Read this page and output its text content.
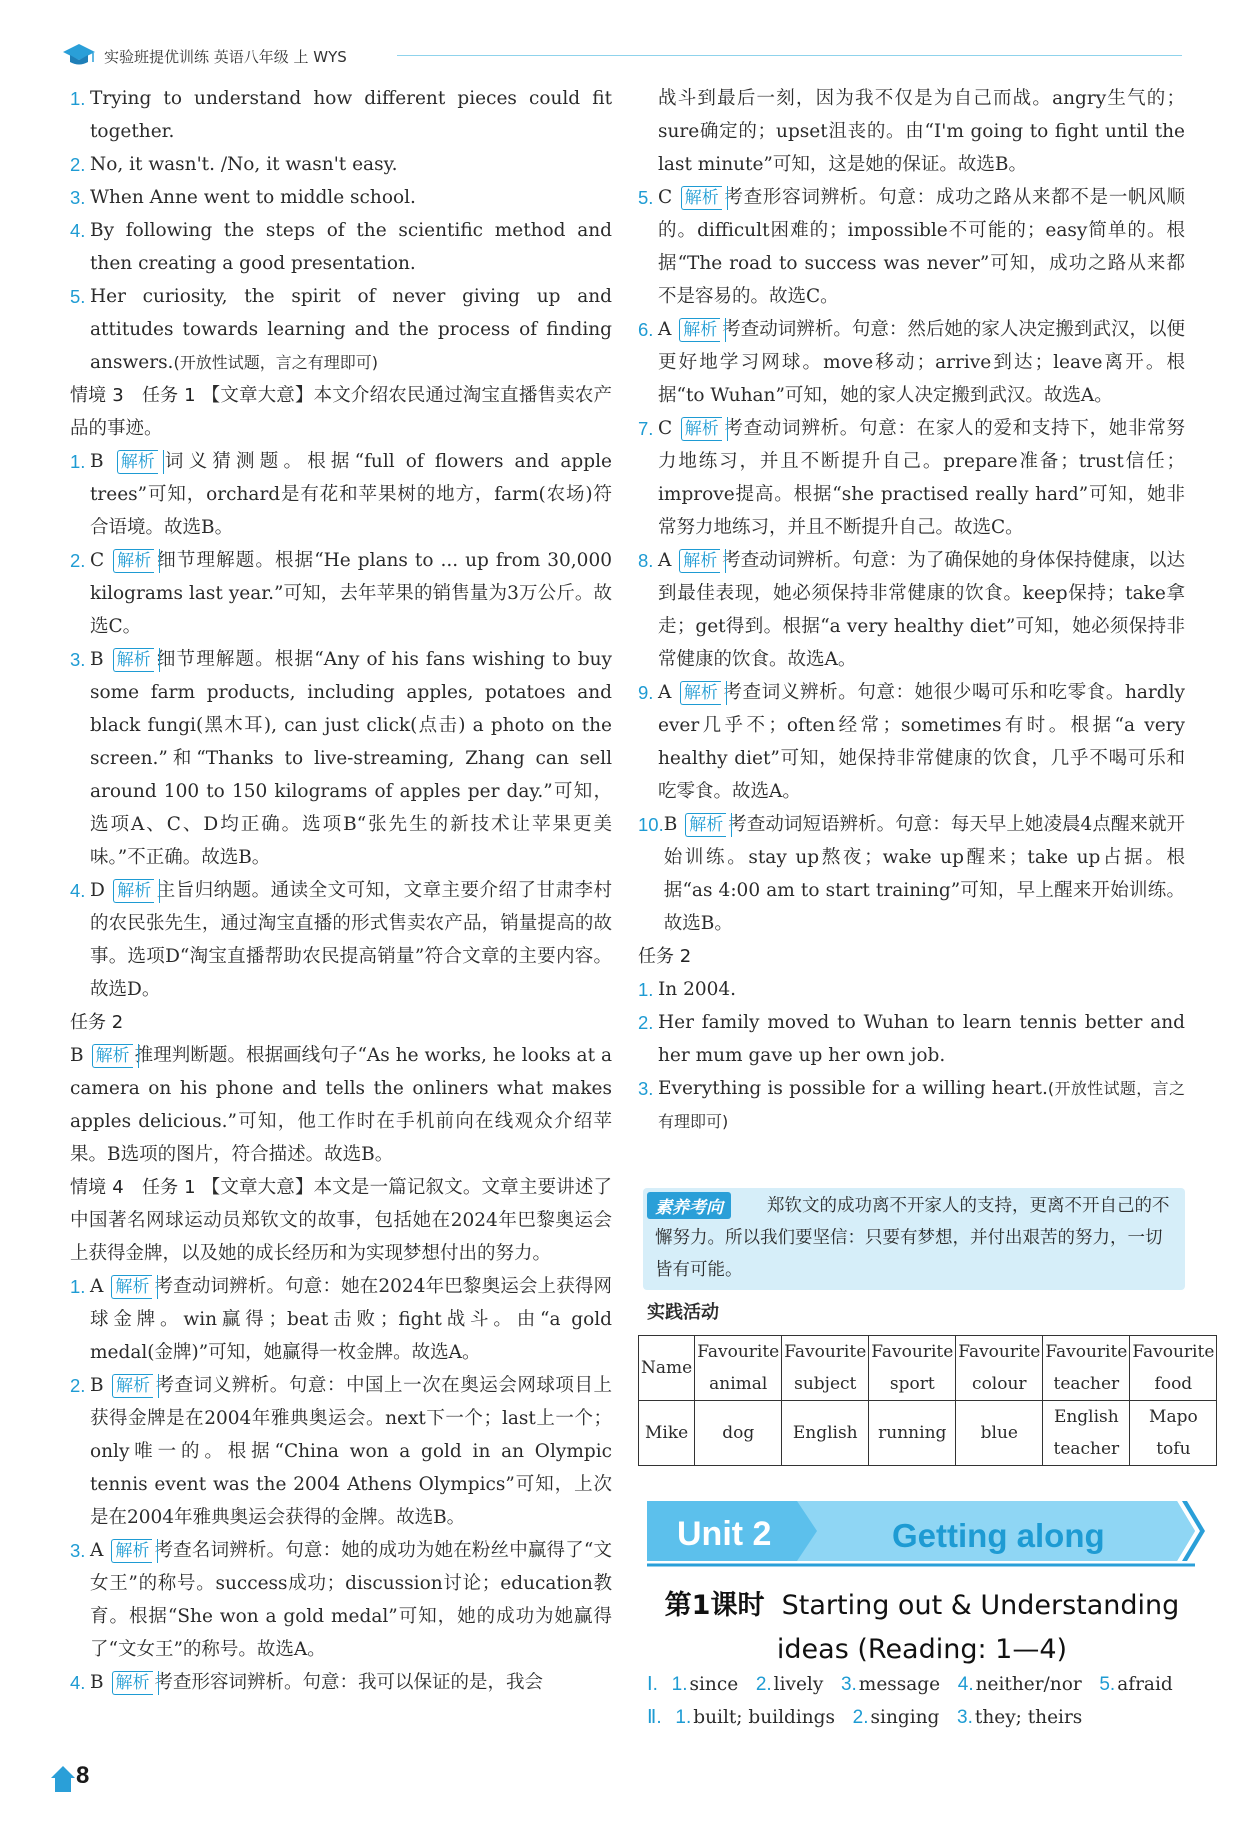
实验班提优训练 英语八年级 上 WYS
1. Trying to understand how different pieces could fit together.
2. No, it wasn't. /No, it wasn't easy.
3. When Anne went to middle school.
4. By following the steps of the scientific method and then creating a good presentation.
5. Her curiosity, the spirit of never giving up and attitudes towards learning and the process of finding answers.(开放性试题，言之有理即可)

情境 3　任务 1 【文章大意】本文介绍农民通过淘宝直播售卖农产品的事迹。

1. B 解析 词义猜测题。根据“full of flowers and apple trees”可知，orchard是有花和苹果树的地方，farm(农场)符合语境。故选B。
2. C 解析 细节理解题。根据“He plans to ... up from 30,000 kilograms last year.”可知，去年苹果的销售量为3万公斤。故选C。
3. B 解析 细节理解题。根据“Any of his fans wishing to buy some farm products, including apples, potatoes and black fungi(黑木耳), can just click(点击) a photo on the screen.”和“Thanks to live-streaming, Zhang can sell around 100 to 150 kilograms of apples per day.”可知，选项A、C、D均正确。选项B“张先生的新技术让苹果更美味。”不正确。故选B。
4. D 解析 主旨归纳题。通读全文可知，文章主要介绍了甘肃李村的农民张先生，通过淘宝直播的形式售卖农产品，销量提高的故事。选项D“淘宝直播帮助农民提高销量”符合文章的主要内容。故选D。

任务 2

B 解析 推理判断题。根据画线句子“As he works, he looks at a camera on his phone and tells the onliners what makes apples delicious.”可知，他工作时在手机前向在线观众介绍苹果。B选项的图片，符合描述。故选B。

情境 4　任务 1 【文章大意】本文是一篇记叙文。文章主要讲述了中国著名网球运动员郑钦文的故事，包括她在2024年巴黎奥运会上获得金牌，以及她的成长经历和为实现梦想付出的努力。

1. A 解析 考查动词辨析。句意：她在2024年巴黎奥运会上获得网球金牌。win赢得；beat击败；fight战斗。由“a gold medal(金牌)”可知，她赢得一枚金牌。故选A。
2. B 解析 考查词义辨析。句意：中国上一次在奥运会网球项目上获得金牌是在2004年雅典奥运会。next下一个；last上一个；only唯一的。根据“China won a gold in an Olympic tennis event was the 2004 Athens Olympics”可知，上次是在2004年雅典奥运会获得的金牌。故选B。
3. A 解析 考查名词辨析。句意：她的成功为她在粉丝中赢得了“文女王”的称号。success成功；discussion讨论；education教育。根据“She won a gold medal”可知，她的成功为她赢得了“文女王”的称号。故选A。
4. B 解析 考查形容词辨析。句意：我可以保证的是，我会

战斗到最后一刻，因为我不仅是为自己而战。angry生气的；sure确定的；upset沮丧的。由“I'm going to fight until the last minute”可知，这是她的保证。故选B。

5. C 解析 考查形容词辨析。句意：成功之路从来都不是一帆风顺的。difficult困难的；impossible不可能的；easy简单的。根据“The road to success was never”可知，成功之路从来都不是容易的。故选C。
6. A 解析 考查动词辨析。句意：然后她的家人决定搬到武汉，以便更好地学习网球。move移动；arrive到达；leave离开。根据“to Wuhan”可知，她的家人决定搬到武汉。故选A。
7. C 解析 考查动词辨析。句意：在家人的爱和支持下，她非常努力地练习，并且不断提升自己。prepare准备；trust信任；improve提高。根据“she practised really hard”可知，她非常努力地练习，并且不断提升自己。故选C。
8. A 解析 考查动词辨析。句意：为了确保她的身体保持健康，以达到最佳表现，她必须保持非常健康的饮食。keep保持；take拿走；get得到。根据“a very healthy diet”可知，她必须保持非常健康的饮食。故选A。
9. A 解析 考查词义辨析。句意：她很少喝可乐和吃零食。hardly ever几乎不；often经常；sometimes有时。根据“a very healthy diet”可知，她保持非常健康的饮食，几乎不喝可乐和吃零食。故选A。
10. B 解析 考查动词短语辨析。句意：每天早上她凌晨4点醒来就开始训练。stay up熬夜；wake up醒来；take up占据。根据“as 4:00 am to start training”可知，早上醒来开始训练。故选B。

任务 2

1. In 2004.
2. Her family moved to Wuhan to learn tennis better and her mum gave up her own job.
3. Everything is possible for a willing heart.(开放性试题，言之有理即可)
素养考向	郑钦文的成功离不开家人的支持，更离不开自己的不懈努力。所以我们要坚信：只要有梦想，并付出艰苦的努力，一切皆有可能。
实践活动
Name	Favourite animal	Favourite subject	Favourite sport	Favourite colour	Favourite teacher	Favourite food
Mike	dog	English	running	blue	English teacher	Mapo tofu
Unit 2	Getting along
第1课时 Starting out & Understanding ideas (Reading: 1—4)
Ⅰ. 1. since 2. lively 3. message 4. neither/nor 5. afraid
Ⅱ. 1. built; buildings 2. singing 3. they; theirs
8
